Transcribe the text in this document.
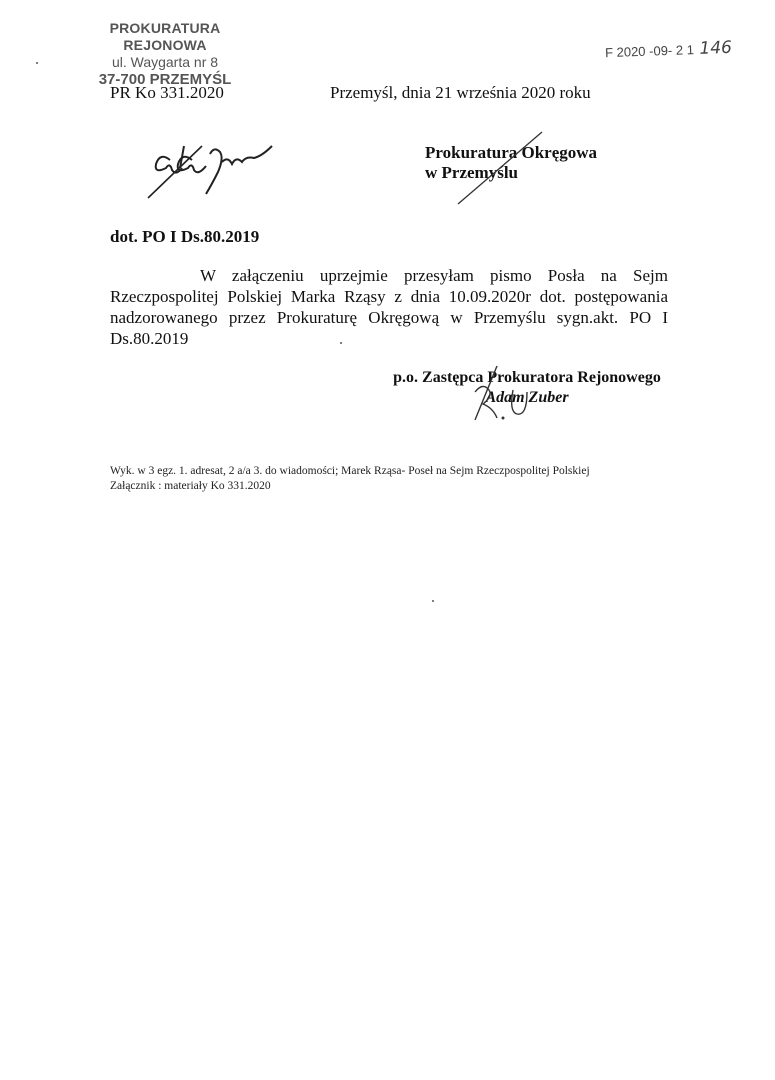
PROKURATURA REJONOWA
ul. Waygarta nr 8
37-700 PRZEMYŚL
F 2020 -09- 2 1 146
PR Ko 331.2020	Przemyśl, dnia 21 września 2020 roku
Prokuratura Okręgowa
w Przemyślu
dot. PO I Ds.80.2019
W załączeniu uprzejmie przesyłam pismo Posła na Sejm Rzeczpospolitej Polskiej Marka Rząsy z dnia 10.09.2020r dot. postępowania nadzorowanego przez Prokuraturę Okręgową w Przemyślu sygn.akt. PO I Ds.80.2019
p.o. Zastępca Prokuratora Rejonowego
Adam Zuber
Wyk. w 3 egz. 1. adresat, 2 a/a 3. do wiadomości; Marek Rząsa- Poseł na Sejm Rzeczpospolitej Polskiej
Załącznik : materiały Ko 331.2020
